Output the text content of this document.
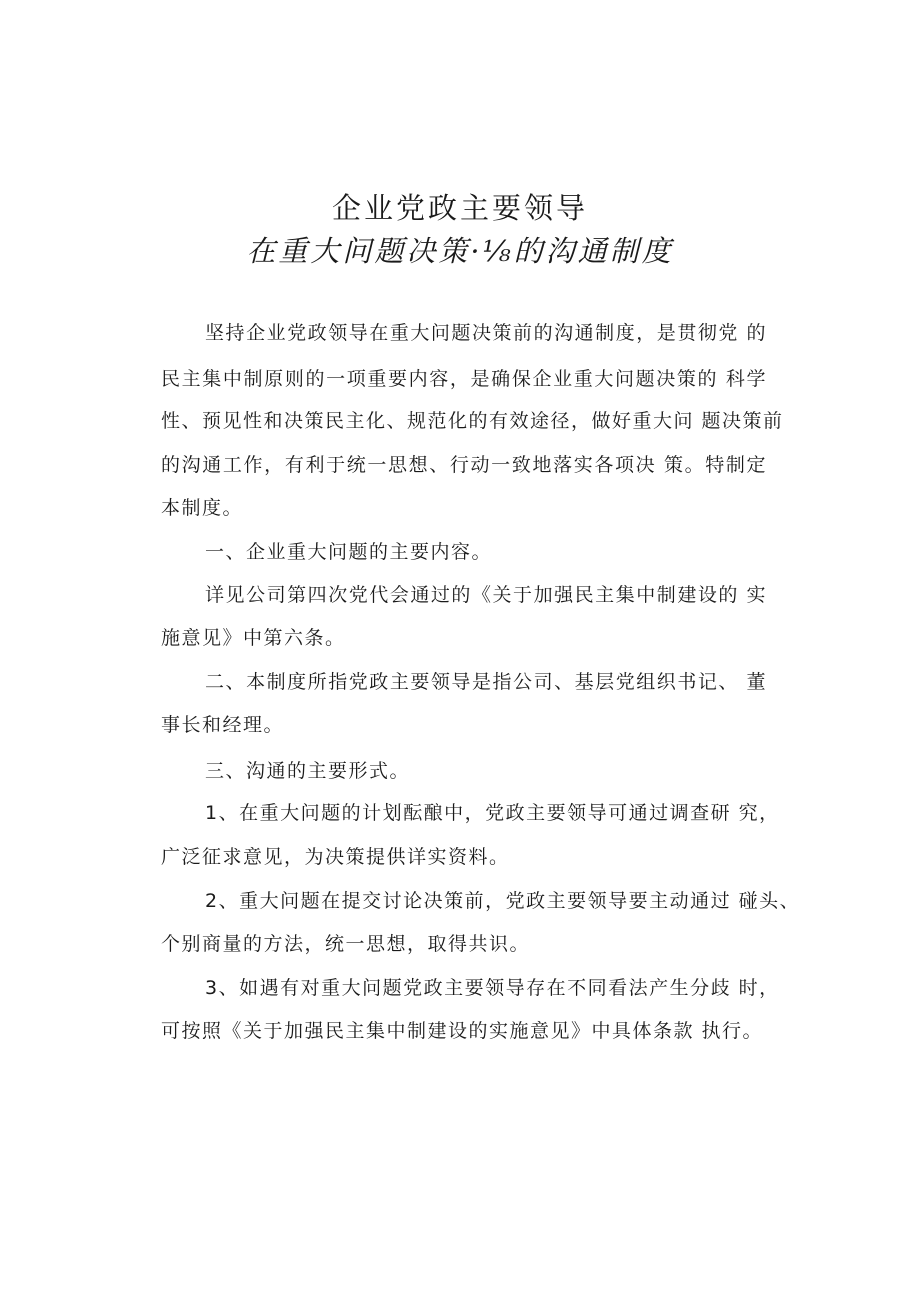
企业党政主要领导
在重大问题决策·⅛的沟通制度
坚持企业党政领导在重大问题决策前的沟通制度，是贯彻党 的
民主集中制原则的一项重要内容，是确保企业重大问题决策的 科学
性、预见性和决策民主化、规范化的有效途径，做好重大问 题决策前
的沟通工作，有利于统一思想、行动一致地落实各项决 策。特制定
本制度。
一、企业重大问题的主要内容。
详见公司第四次党代会通过的《关于加强民主集中制建设的 实
施意见》中第六条。
二、本制度所指党政主要领导是指公司、基层党组织书记、 董
事长和经理。
三、沟通的主要形式。
1、在重大问题的计划酝酿中，党政主要领导可通过调查研 究，
广泛征求意见，为决策提供详实资料。
2、重大问题在提交讨论决策前，党政主要领导要主动通过 碰头、
个别商量的方法，统一思想，取得共识。
3、如遇有对重大问题党政主要领导存在不同看法产生分歧 时，
可按照《关于加强民主集中制建设的实施意见》中具体条款 执行。
